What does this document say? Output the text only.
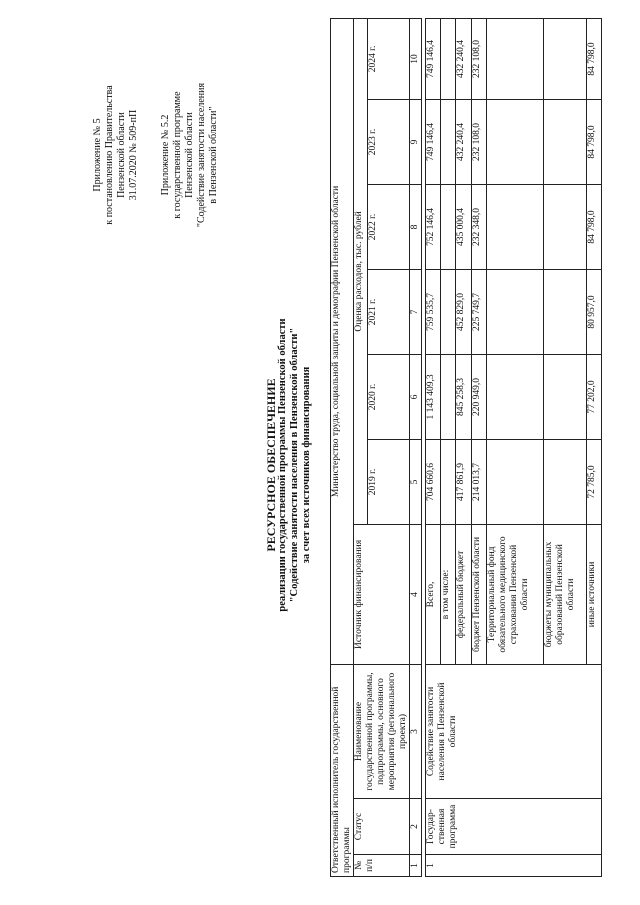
Приложение № 5 к постановлению Правительства Пензенской области 31.07.2020 № 509-пП Приложение № 5.2 к государственной программе Пензенской области "Содействие занятости населения в Пензенской области"
РЕСУРСНОЕ ОБЕСПЕЧЕНИЕ реализации государственной программы Пензенской области "Содействие занятости населения в Пензенской области" за счет всех источников финансирования
Ответственный исполнитель государственной программы			Министерство труда, социальной защиты и демографии Пензенской области						
№ п/п	Статус	Наименование государственной программы, подпрограммы, основного мероприятия (регионального проекта)	Источник финансирования	Оценка расходов, тыс. рублей					
				2019 г.	2020 г.	2021 г.	2022 г.	2023 г.	2024 г.
1	2	3	4	5	6	7	8	9	10

1	Государ-ственная программа	Содействие занятости населения в Пензенской области	Всего,	704 660,6	1 143 409,3	759 535,7	752 146,4	749 146,4	749 146,4
			в том числе:						
			федеральный бюджет	417 861,9	845 258,3	452 829,0	435 000,4	432 240,4	432 240,4
			бюджет Пензенской области	214 013,7	220 949,0	225 749,7	232 348,0	232 108,0	232 108,0
			Территориальный фонд обязательного медицинского страхования Пензенской области						
			бюджеты муниципальных образований Пензенской области						
			иные источники	72 785,0	77 202,0	80 957,0	84 798,0	84 798,0	84 798,0
